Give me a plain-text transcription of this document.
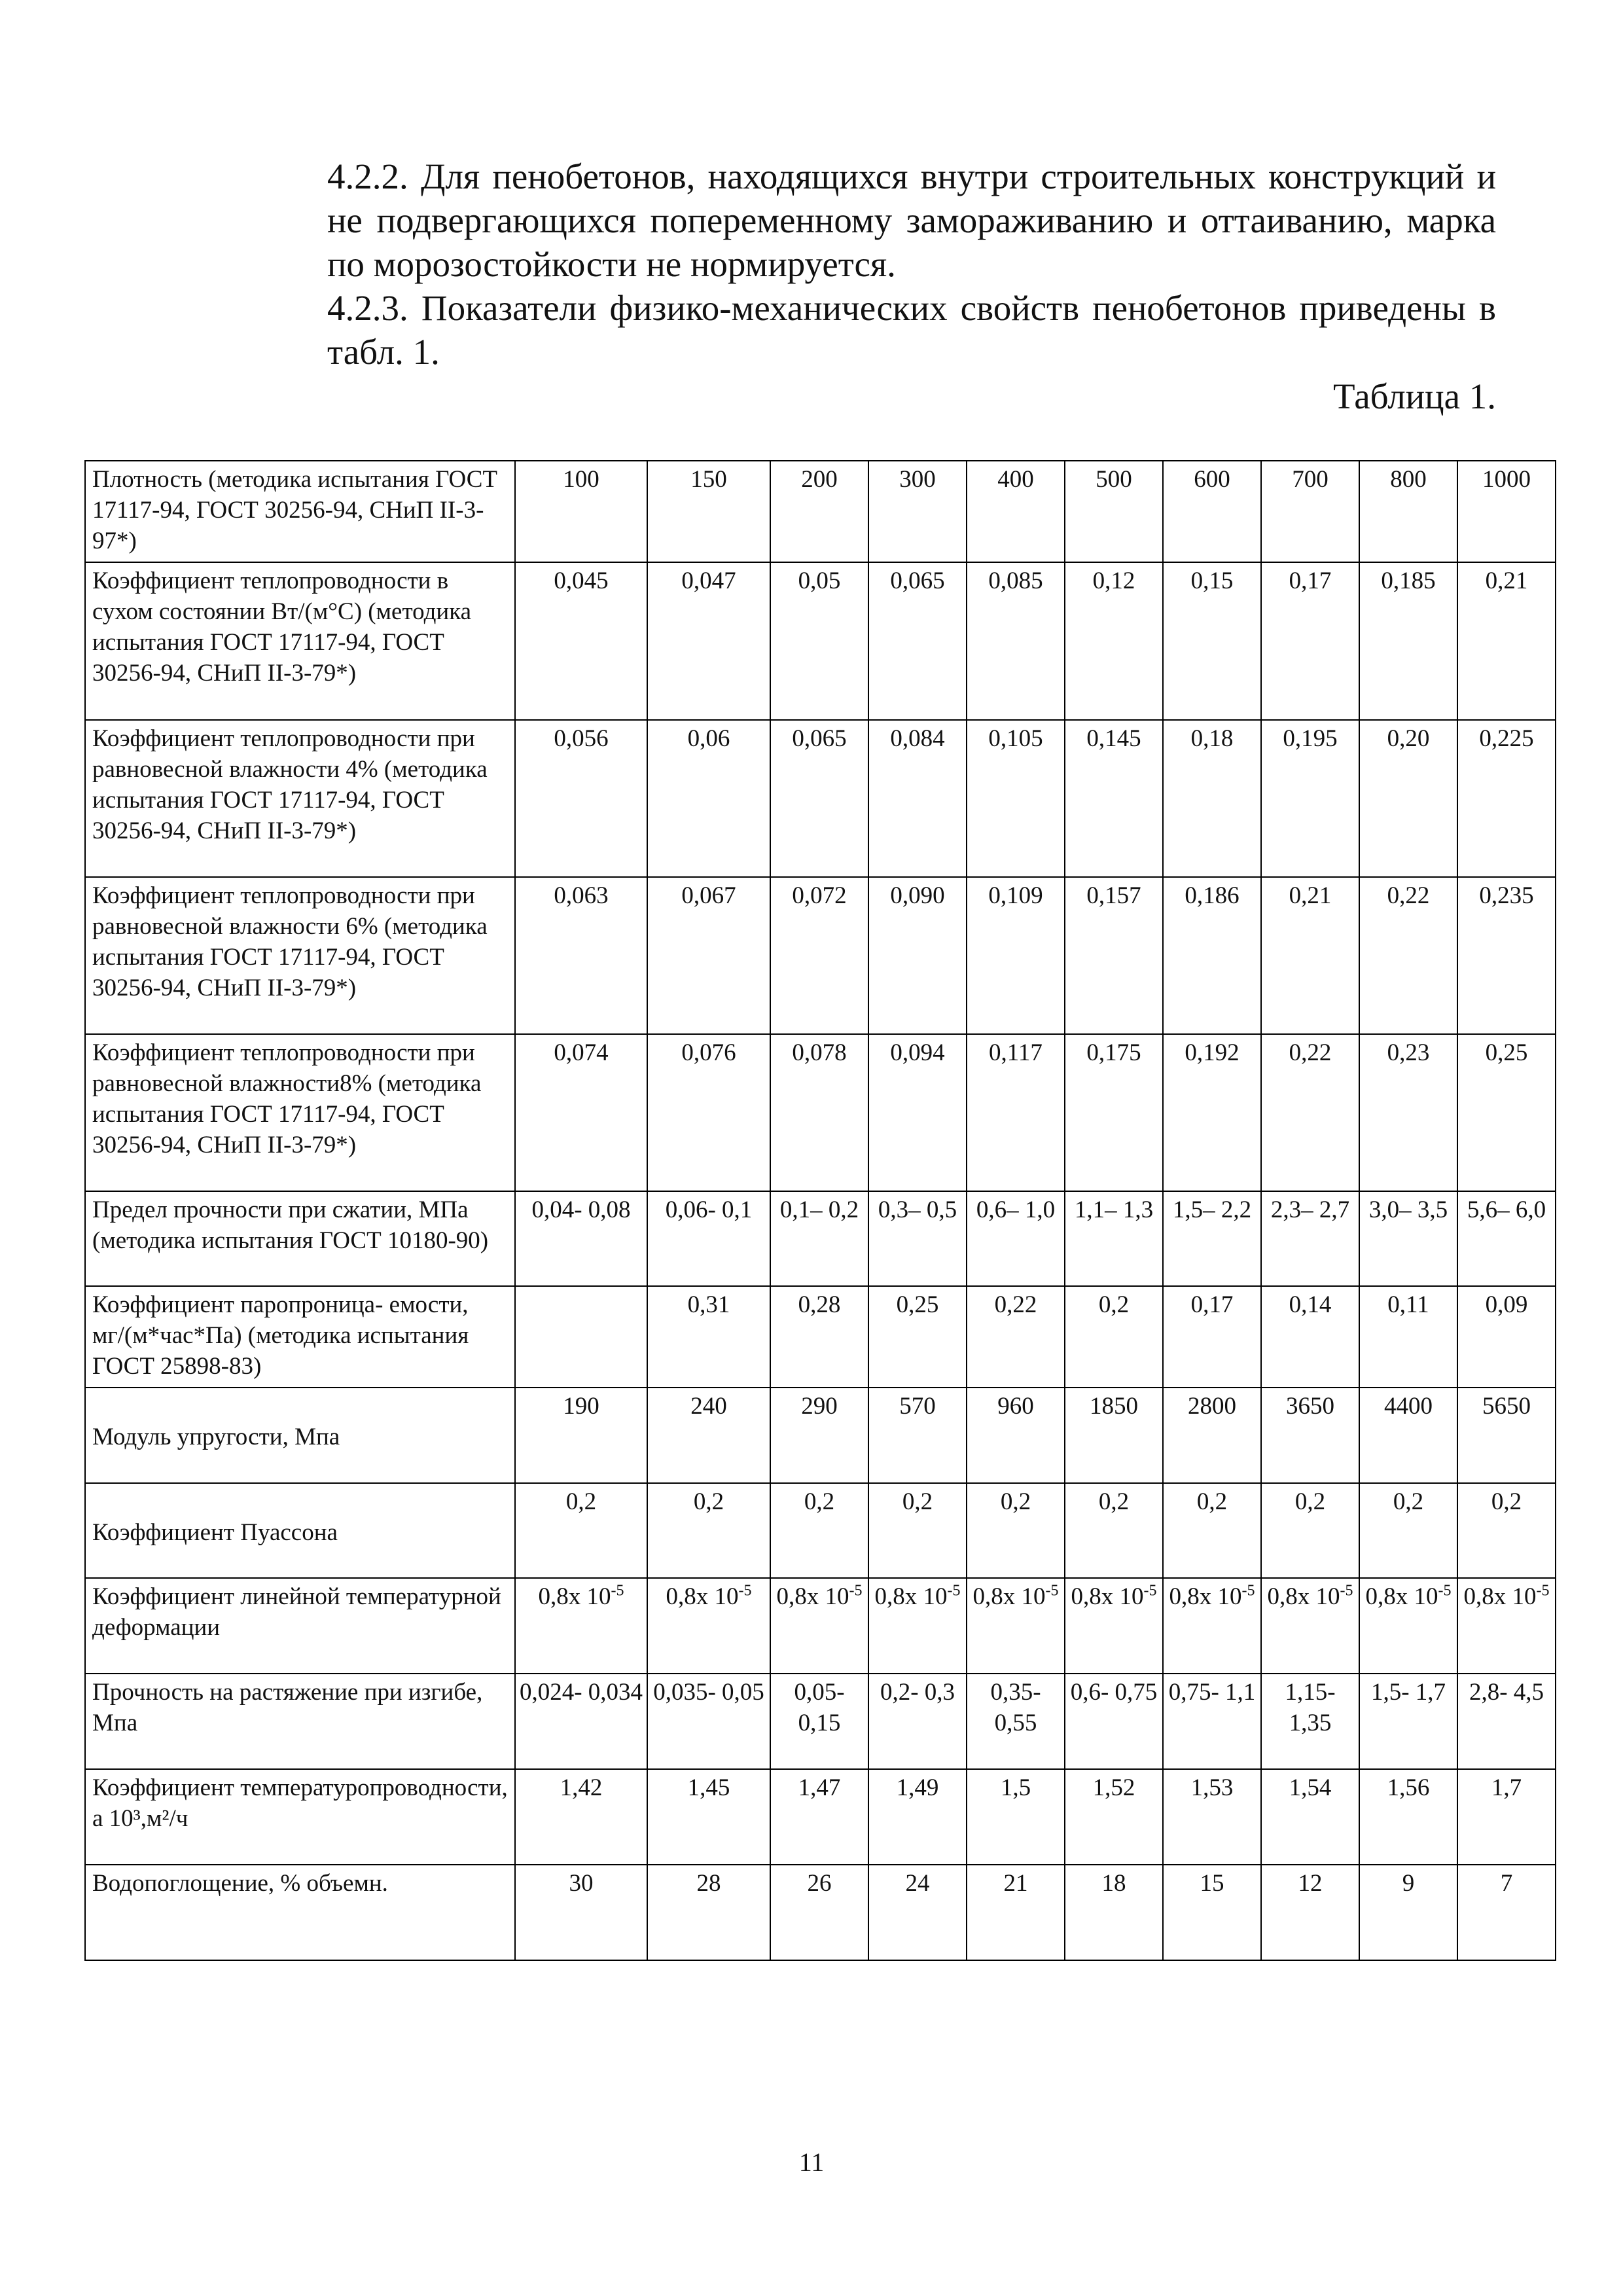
4.2.2. Для пенобетонов, находящихся внутри строительных конструкций и не подвергающихся попеременному замораживанию и оттаиванию, марка по морозостойкости не нормируется.
4.2.3. Показатели физико-механических свойств пенобетонов приведены в табл. 1.
Таблица 1.
Плотность (методика испытания ГОСТ 17117-94, ГОСТ 30256-94, СНиП II-3-97*)	100	150	200	300	400	500	600	700	800	1000
Коэффициент теплопроводности в сухом состоянии Вт/(м°С) (методика испытания ГОСТ 17117-94, ГОСТ 30256-94, СНиП II-3-79*)	0,045	0,047	0,05	0,065	0,085	0,12	0,15	0,17	0,185	0,21
Коэффициент теплопроводности при равновесной влажности 4% (методика испытания ГОСТ 17117-94, ГОСТ 30256-94, СНиП II-3-79*)	0,056	0,06	0,065	0,084	0,105	0,145	0,18	0,195	0,20	0,225
Коэффициент теплопроводности при равновесной влажности 6% (методика испытания ГОСТ 17117-94, ГОСТ 30256-94, СНиП II-3-79*)	0,063	0,067	0,072	0,090	0,109	0,157	0,186	0,21	0,22	0,235
Коэффициент теплопроводности при равновесной влажности8% (методика испытания ГОСТ 17117-94, ГОСТ 30256-94, СНиП II-3-79*)	0,074	0,076	0,078	0,094	0,117	0,175	0,192	0,22	0,23	0,25
Предел прочности при сжатии, МПа (методика испытания ГОСТ 10180-90)	0,04- 0,08	0,06- 0,1	0,1– 0,2	0,3– 0,5	0,6– 1,0	1,1– 1,3	1,5– 2,2	2,3– 2,7	3,0– 3,5	5,6– 6,0
Коэффициент паропроница- емости, мг/(м*час*Па) (методика испытания ГОСТ 25898-83)		0,31	0,28	0,25	0,22	0,2	0,17	0,14	0,11	0,09

Модуль упругости, Мпа	190	240	290	570	960	1850	2800	3650	4400	5650

Коэффициент Пуассона	0,2	0,2	0,2	0,2	0,2	0,2	0,2	0,2	0,2	0,2
Коэффициент линейной температурной деформации	0,8х $10^{-5}$	0,8х $10^{-5}$	0,8х $10^{-5}$	0,8х $10^{-5}$	0,8х $10^{-5}$	0,8х $10^{-5}$	0,8х $10^{-5}$	0,8х $10^{-5}$	0,8х $10^{-5}$	0,8х $10^{-5}$
Прочность на растяжение при изгибе, Мпа	0,024- 0,034	0,035- 0,05	0,05- 0,15	0,2- 0,3	0,35- 0,55	0,6- 0,75	0,75- 1,1	1,15- 1,35	1,5- 1,7	2,8- 4,5
Коэффициент температуропроводности, а 10³,м²/ч	1,42	1,45	1,47	1,49	1,5	1,52	1,53	1,54	1,56	1,7
Водопоглощение, % объемн.	30	28	26	24	21	18	15	12	9	7
11
